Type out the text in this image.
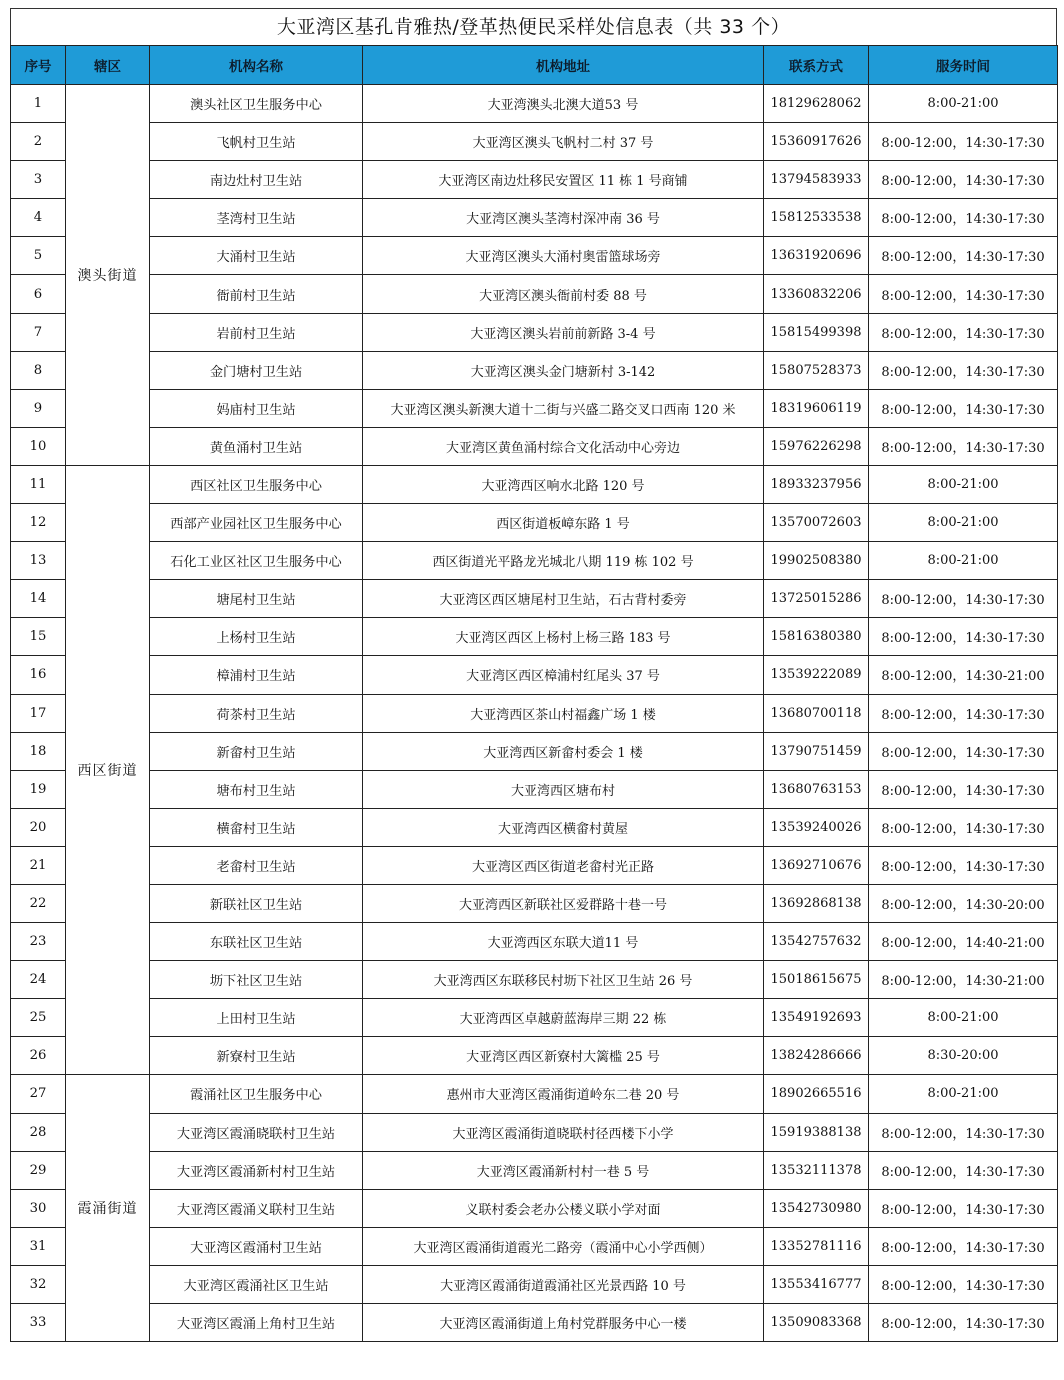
大亚湾区基孔肯雅热/登革热便民采样处信息表（共 33 个）
序号	辖区	机构名称	机构地址	联系方式	服务时间
1	澳头街道	澳头社区卫生服务中心	大亚湾澳头北澳大道53 号	18129628062	8:00-21:00
2		飞帆村卫生站	大亚湾区澳头飞帆村二村 37 号	15360917626	8:00-12:00，14:30-17:30
3		南边灶村卫生站	大亚湾区南边灶移民安置区 11 栋 1 号商铺	13794583933	8:00-12:00，14:30-17:30
4		茎湾村卫生站	大亚湾区澳头茎湾村深冲南 36 号	15812533538	8:00-12:00，14:30-17:30
5		大涌村卫生站	大亚湾区澳头大涌村奥雷篮球场旁	13631920696	8:00-12:00，14:30-17:30
6		衙前村卫生站	大亚湾区澳头衙前村委 88 号	13360832206	8:00-12:00，14:30-17:30
7		岩前村卫生站	大亚湾区澳头岩前前新路 3-4 号	15815499398	8:00-12:00，14:30-17:30
8		金门塘村卫生站	大亚湾区澳头金门塘新村 3-142	15807528373	8:00-12:00，14:30-17:30
9		妈庙村卫生站	大亚湾区澳头新澳大道十二街与兴盛二路交叉口西南 120 米	18319606119	8:00-12:00，14:30-17:30
10		黄鱼涌村卫生站	大亚湾区黄鱼涌村综合文化活动中心旁边	15976226298	8:00-12:00，14:30-17:30
11	西区街道	西区社区卫生服务中心	大亚湾西区响水北路 120 号	18933237956	8:00-21:00
12		西部产业园社区卫生服务中心	西区街道板嶂东路 1 号	13570072603	8:00-21:00
13		石化工业区社区卫生服务中心	西区街道光平路龙光城北八期 119 栋 102 号	19902508380	8:00-21:00
14		塘尾村卫生站	大亚湾区西区塘尾村卫生站，石古背村委旁	13725015286	8:00-12:00，14:30-17:30
15		上杨村卫生站	大亚湾区西区上杨村上杨三路 183 号	15816380380	8:00-12:00，14:30-17:30
16		樟浦村卫生站	大亚湾区西区樟浦村红尾头 37 号	13539222089	8:00-12:00，14:30-21:00
17		荷茶村卫生站	大亚湾西区茶山村福鑫广场 1 楼	13680700118	8:00-12:00，14:30-17:30
18		新畲村卫生站	大亚湾西区新畲村委会 1 楼	13790751459	8:00-12:00，14:30-17:30
19		塘布村卫生站	大亚湾西区塘布村	13680763153	8:00-12:00，14:30-17:30
20		横畲村卫生站	大亚湾西区横畲村黄屋	13539240026	8:00-12:00，14:30-17:30
21		老畲村卫生站	大亚湾区西区街道老畲村光正路	13692710676	8:00-12:00，14:30-17:30
22		新联社区卫生站	大亚湾西区新联社区爱群路十巷一号	13692868138	8:00-12:00，14:30-20:00
23		东联社区卫生站	大亚湾西区东联大道11 号	13542757632	8:00-12:00，14:40-21:00
24		坜下社区卫生站	大亚湾西区东联移民村坜下社区卫生站 26 号	15018615675	8:00-12:00，14:30-21:00
25		上田村卫生站	大亚湾西区卓越蔚蓝海岸三期 22 栋	13549192693	8:00-21:00
26		新寮村卫生站	大亚湾区西区新寮村大篱槛 25 号	13824286666	8:30-20:00
27	霞涌街道	霞涌社区卫生服务中心	惠州市大亚湾区霞涌街道岭东二巷 20 号	18902665516	8:00-21:00
28		大亚湾区霞涌晓联村卫生站	大亚湾区霞涌街道晓联村径西楼下小学	15919388138	8:00-12:00，14:30-17:30
29		大亚湾区霞涌新村村卫生站	大亚湾区霞涌新村村一巷 5 号	13532111378	8:00-12:00，14:30-17:30
30		大亚湾区霞涌义联村卫生站	义联村委会老办公楼义联小学对面	13542730980	8:00-12:00，14:30-17:30
31		大亚湾区霞涌村卫生站	大亚湾区霞涌街道霞光二路旁（霞涌中心小学西侧）	13352781116	8:00-12:00，14:30-17:30
32		大亚湾区霞涌社区卫生站	大亚湾区霞涌街道霞涌社区光景西路 10 号	13553416777	8:00-12:00，14:30-17:30
33		大亚湾区霞涌上角村卫生站	大亚湾区霞涌街道上角村党群服务中心一楼	13509083368	8:00-12:00，14:30-17:30
